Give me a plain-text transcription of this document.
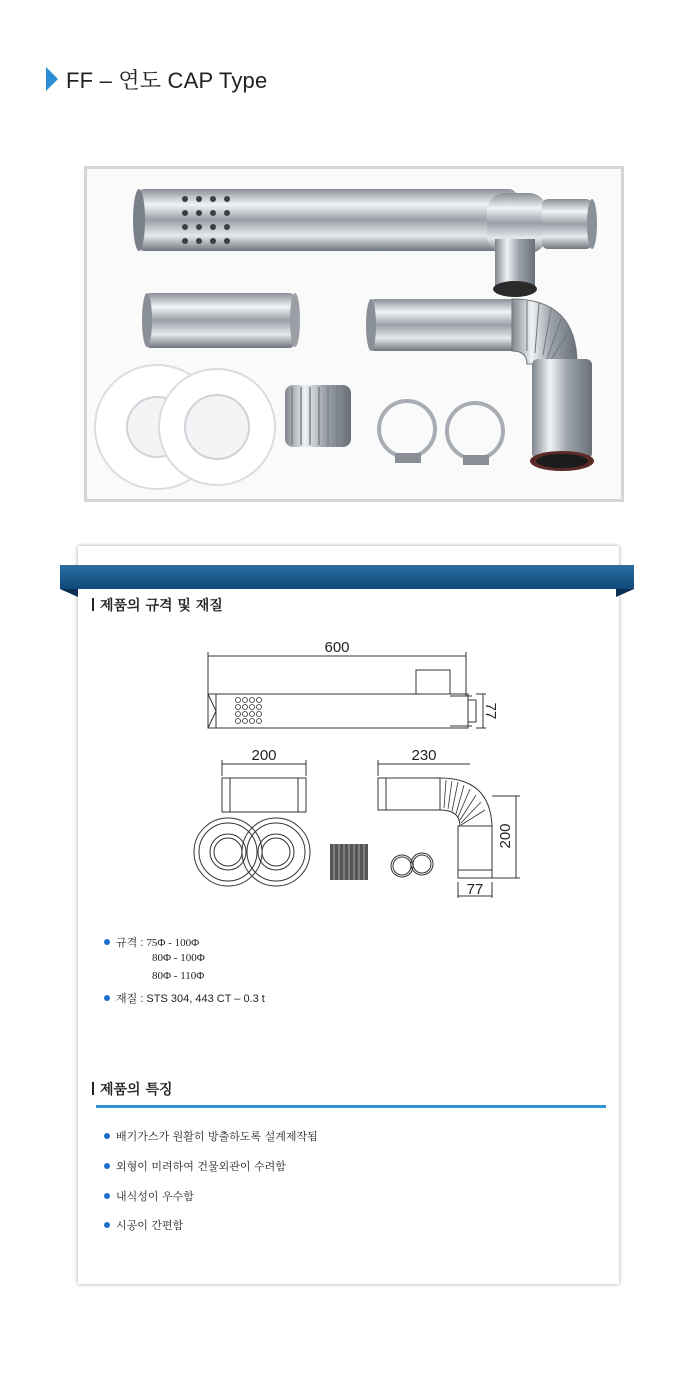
FF – 연도 CAP Type
제품의 규격 및 재질
600
77
200	230
200
77
규격 : 75Φ - 100Φ
80Φ - 100Φ
80Φ - 110Φ
재질 : STS 304, 443 CT – 0.3 t
제품의 특징
배기가스가 원활히 방출하도록 설계제작됨
외형이 미려하여 건물외관이 수려함
내식성이 우수함
시공이 간편함
